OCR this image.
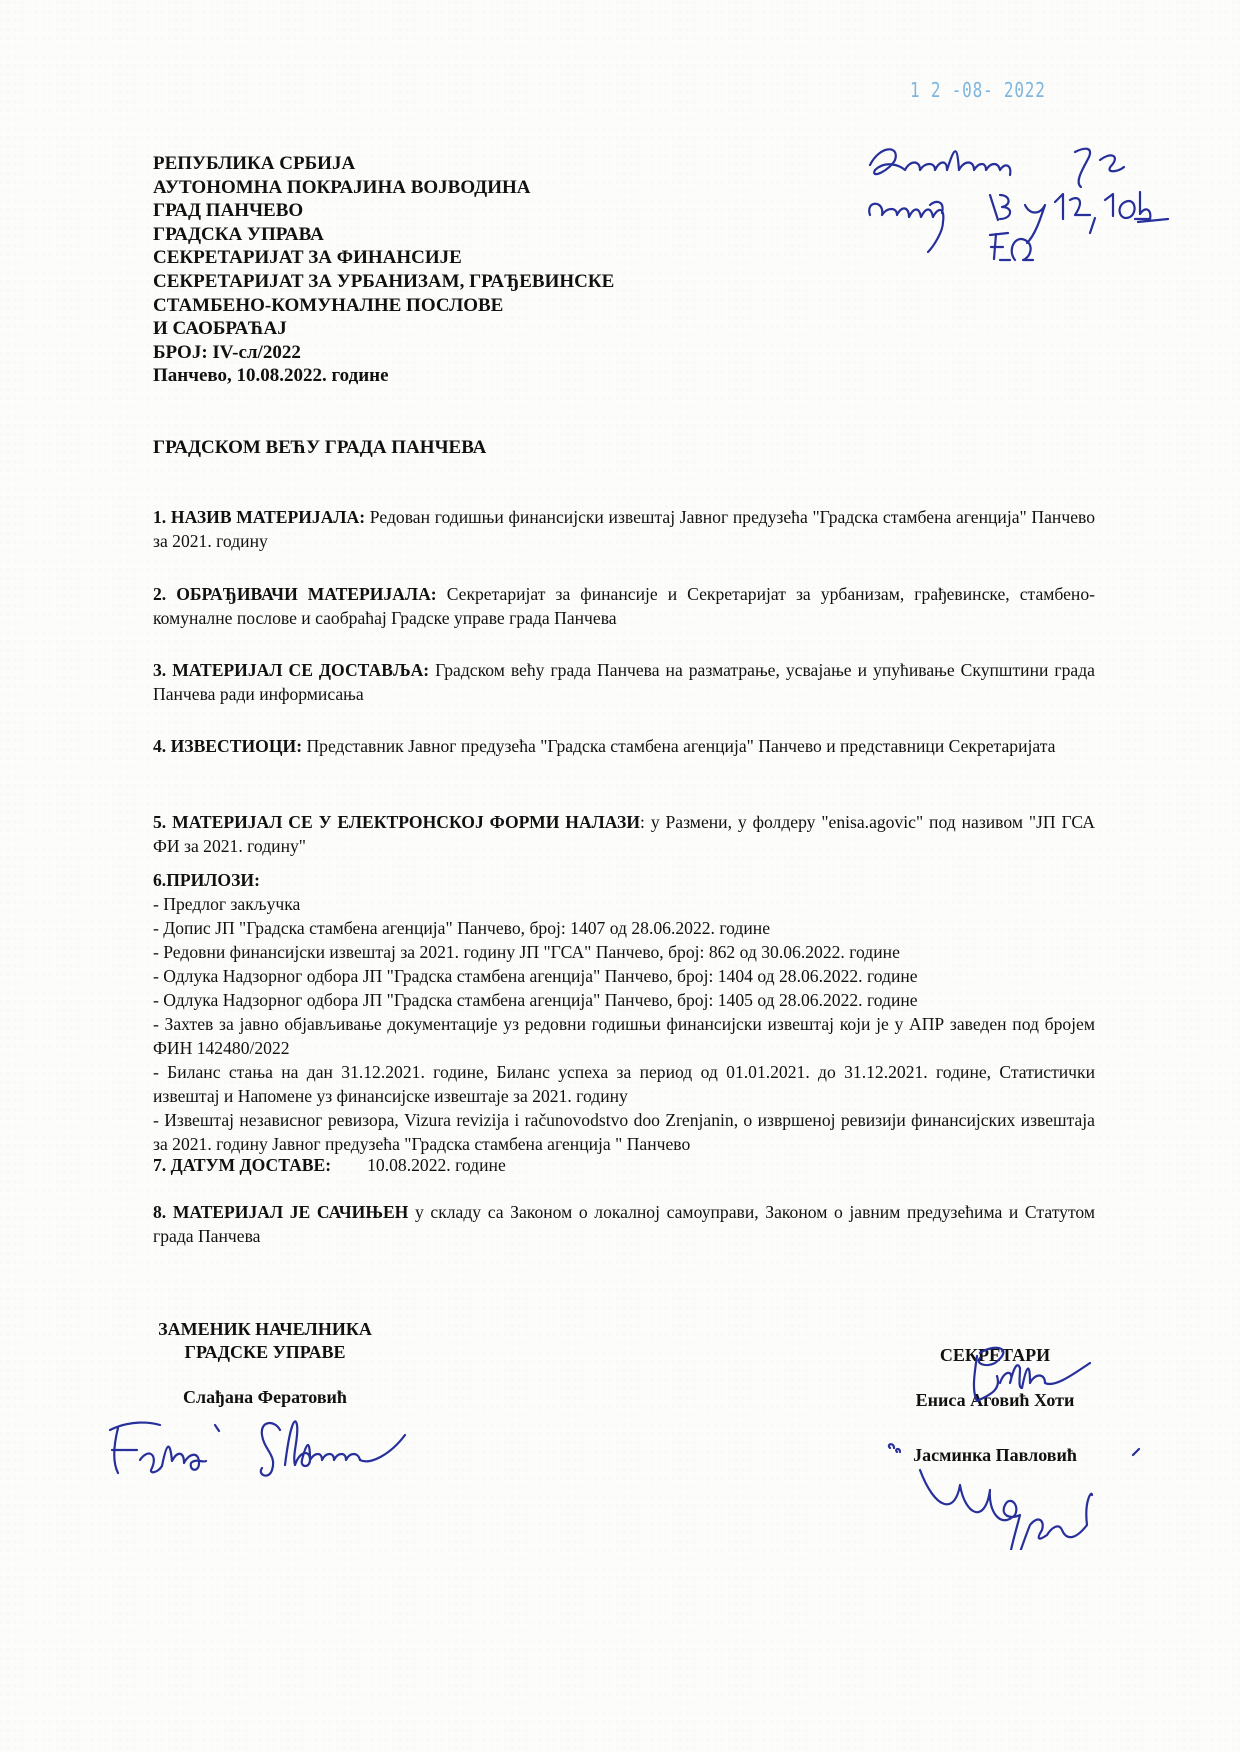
1 2 -08- 2022
РЕПУБЛИКА СРБИЈА
АУТОНОМНА ПОКРАЈИНА ВОЈВОДИНА
ГРАД ПАНЧЕВО
ГРАДСКА УПРАВА
СЕКРЕТАРИЈАТ ЗА ФИНАНСИЈЕ
СЕКРЕТАРИЈАТ ЗА УРБАНИЗАМ, ГРАЂЕВИНСКЕ
СТАМБЕНО-КОМУНАЛНЕ ПОСЛОВЕ
И САОБРАЋАЈ
БРОЈ: IV-сл/2022
Панчево, 10.08.2022. године
ГРАДСКОМ ВЕЋУ ГРАДА ПАНЧЕВА
1. НАЗИВ МАТЕРИЈАЛА: Редован годишњи финансијски извештај Јавног предузећа "Градска стамбена агенција" Панчево за 2021. годину
2. ОБРАЂИВАЧИ МАТЕРИЈАЛА: Секретаријат за финансије и Секретаријат за урбанизам, грађевинске, стамбено-комуналне послове и саобраћај Градске управе града Панчева
3. МАТЕРИЈАЛ СЕ ДОСТАВЉА: Градском већу града Панчева на разматрање, усвајање и упућивање Скупштини града Панчева ради информисања
4. ИЗВЕСТИОЦИ: Представник Јавног предузећа "Градска стамбена агенција" Панчево и представници Секретаријата
5. МАТЕРИЈАЛ СЕ У ЕЛЕКТРОНСКОЈ ФОРМИ НАЛАЗИ: у Размени, у фолдеру "enisa.agovic" под називом "ЈП ГСА ФИ за 2021. годину"
6.ПРИЛОЗИ:
- Предлог закључка
- Допис ЈП "Градска стамбена агенција" Панчево, број: 1407 од 28.06.2022. године
- Редовни финансијски извештај за 2021. годину ЈП "ГСА" Панчево, број: 862 од 30.06.2022. године
- Одлука Надзорног одбора ЈП "Градска стамбена агенција" Панчево, број: 1404 од 28.06.2022. године
- Одлука Надзорног одбора ЈП "Градска стамбена агенција" Панчево, број: 1405 од 28.06.2022. године
- Захтев за јавно објављивање документације уз редовни годишњи финансијски извештај који је у АПР заведен под бројем ФИН 142480/2022
- Биланс стања на дан 31.12.2021. године, Биланс успеха за период од 01.01.2021. до 31.12.2021. године, Статистички извештај и Напомене уз финансијске извештаје за 2021. годину
- Извештај независног ревизора, Vizura revizija i računovodstvo doo Zrenjanin, о извршеној ревизији финансијских извештаја за 2021. годину Јавног предузећа "Градска стамбена агенција " Панчево
7. ДАТУМ ДОСТАВЕ: 10.08.2022. године
8. МАТЕРИЈАЛ ЈЕ САЧИЊЕН у складу са Законом о локалној самоуправи, Законом о јавним предузећима и Статутом града Панчева
ЗАМЕНИК НАЧЕЛНИКА
ГРАДСКЕ УПРАВЕ
Слађана Фератовић
СЕКРЕТАРИ
Ениса Аговић Хоти
Јасминка Павловић
